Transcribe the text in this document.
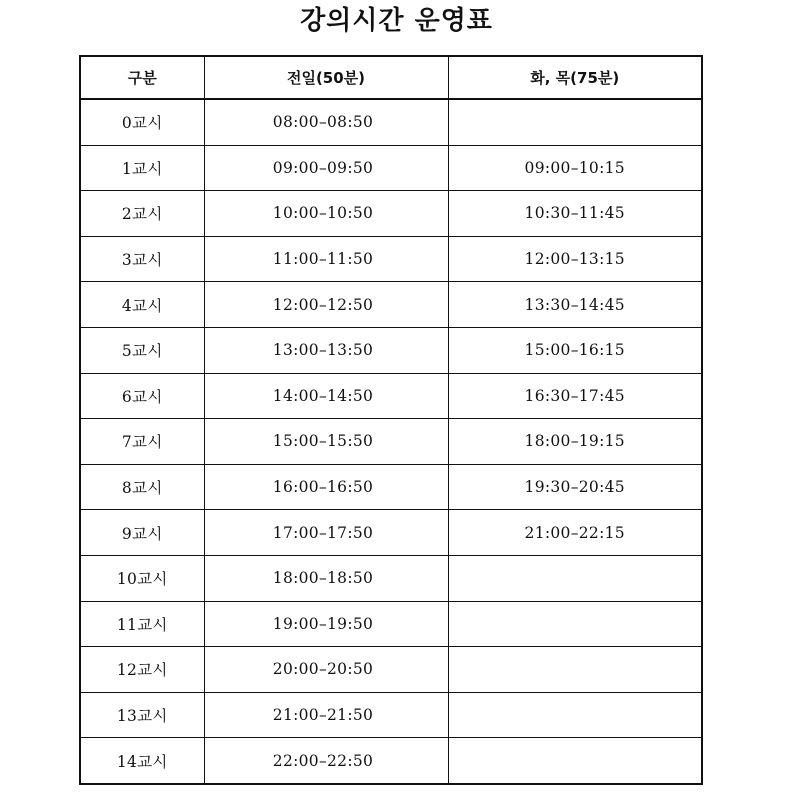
강의시간 운영표
구분	전일(50분)	화, 목(75분)
0교시	08:00–08:50	
1교시	09:00–09:50	09:00–10:15
2교시	10:00–10:50	10:30–11:45
3교시	11:00–11:50	12:00–13:15
4교시	12:00–12:50	13:30–14:45
5교시	13:00–13:50	15:00–16:15
6교시	14:00–14:50	16:30–17:45
7교시	15:00–15:50	18:00–19:15
8교시	16:00–16:50	19:30–20:45
9교시	17:00–17:50	21:00–22:15
10교시	18:00–18:50	
11교시	19:00–19:50	
12교시	20:00–20:50	
13교시	21:00–21:50	
14교시	22:00–22:50	
